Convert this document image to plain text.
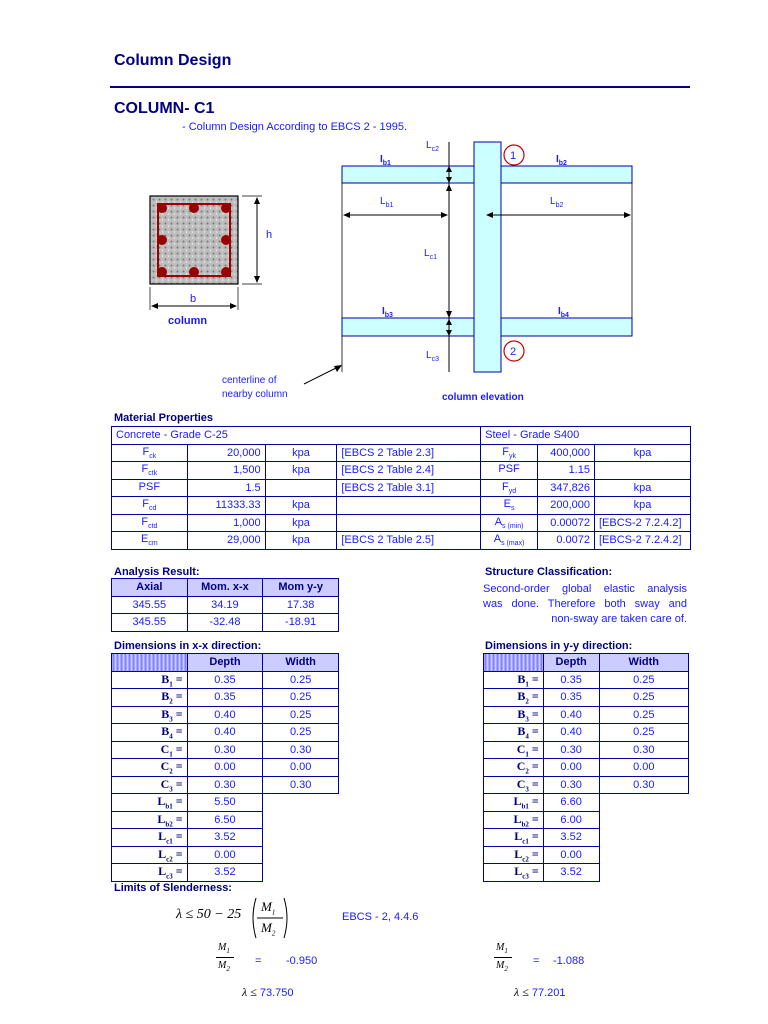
Column Design
COLUMN- C1
- Column Design According to EBCS 2 - 1995.
h
b
column
$L_{c2}$
$L_{c1}$
$L_{c3}$
$L_{b1}$	$L_{b2}$
$I_{b1}$	$I_{b2}$
$I_{b3}$	$I_{b4}$
1
2
centerline of
nearby column	column elevation
Material Properties
Concrete - Grade C-25				Steel - Grade S400		
$F_{ck}$	20,000	kpa	[EBCS 2 Table 2.3]	$F_{yk}$	400,000	kpa
$F_{ctk}$	1,500	kpa	[EBCS 2 Table 2.4]	PSF	1.15	
PSF	1.5		[EBCS 2 Table 3.1]	$F_{yd}$	347,826	kpa
$F_{cd}$	11333.33	kpa		$E_s$	200,000	kpa
$F_{ctd}$	1,000	kpa		$A_{s (min)}$	0.00072	[EBCS-2 7.2.4.2]
$E_{cm}$	29,000	kpa	[EBCS 2 Table 2.5]	$A_{s (max)}$	0.0072	[EBCS-2 7.2.4.2]
Analysis Result:
Axial	Mom. x-x	Mom y-y
345.55	34.19	17.38
345.55	-32.48	-18.91
Structure Classification:
Second-order global elastic analysis
was done. Therefore both sway and
non-sway are taken care of.
Dimensions in x-x direction:
	Depth	Width
$B_1$ =	0.35	0.25
$B_2$ =	0.35	0.25
$B_3$ =	0.40	0.25
$B_4$ =	0.40	0.25
$C_1$ =	0.30	0.30
$C_2$ =	0.00	0.00
$C_3$ =	0.30	0.30
$L_{b1}$ =	5.50	
$L_{b2}$ =	6.50	
$L_{c1}$ =	3.52	
$L_{c2}$ =	0.00	
$L_{c3}$ =	3.52	
Dimensions in y-y direction:
	Depth	Width
$B_1$ =	0.35	0.25
$B_2$ =	0.35	0.25
$B_3$ =	0.40	0.25
$B_4$ =	0.40	0.25
$C_1$ =	0.30	0.30
$C_2$ =	0.00	0.00
$C_3$ =	0.30	0.30
$L_{b1}$ =	6.60	
$L_{b2}$ =	6.00	
$L_{c1}$ =	3.52	
$L_{c2}$ =	0.00	
$L_{c3}$ =	3.52	
Limits of Slenderness:
λ ≤ 50 − 25
$M_1$
$M_2$
EBCS - 2, 4.4.6
$M_1$
$M_2$
= -0.950
λ ≤ 73.750
$M_1$
$M_2$
= -1.088
λ ≤ 77.201
